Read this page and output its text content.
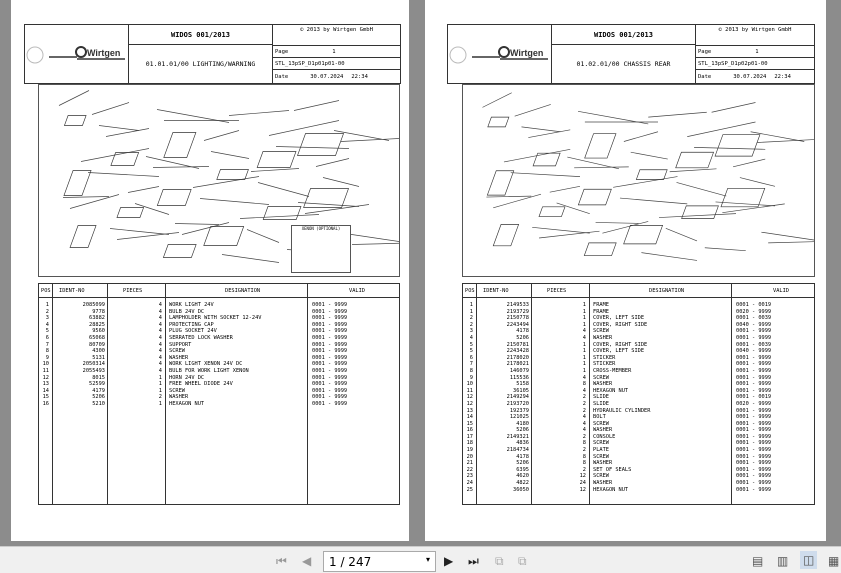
Wirtgen
WIDOS 001/2013
01.01.01/00 LIGHTING/WARNING
© 2013 by Wirtgen GmbH
Page	1
STL_13pSP_D1p01p01-00
Date	30.07.2024 22:34
XENON (OPTIONAL)
POS IDENT-NO	PIECES	DESIGNATION	VALID
1	2085099	4 WORK LIGHT 24V	0001 - 9999
2	9778	4 BULB 24V DC	0001 - 9999
3	63882	4 LAMPHOLDER WITH SOCKET 12-24V	0001 - 9999
4	28825	4 PROTECTING CAP	0001 - 9999
5	9560	4 PLUG SOCKET 24V	0001 - 9999
6	65068	4 SERRATED LOCK WASHER	0001 - 9999
7	80709	4 SUPPORT	0001 - 9999
8	4300	4 SCREW	0001 - 9999
9	5131	4 WASHER	0001 - 9999
10	2050314	4 WORK LIGHT XENON 24V DC	0001 - 9999
11	2055493	4 BULB FOR WORK LIGHT XENON	0001 - 9999
12	8015	1 HORN 24V DC	0001 - 9999
13	52599	1 FREE WHEEL DIODE 24V	0001 - 9999
14	4179	1 SCREW	0001 - 9999
15	5206	2 WASHER	0001 - 9999
16	5210	1 HEXAGON NUT	0001 - 9999
Wirtgen
WIDOS 001/2013
01.02.01/00 CHASSIS REAR
© 2013 by Wirtgen GmbH
Page	1
STL_13pSP_D1p02p01-00
Date	30.07.2024 22:34
POS IDENT-NO	PIECES	DESIGNATION	VALID
1	2149533	1 FRAME	0001 - 0019
1	2193729	1 FRAME	0020 - 9999
2	2150778	1 COVER, LEFT SIDE	0001 - 0039
2	2243494	1 COVER, RIGHT SIDE	0040 - 9999
3	4178	4 SCREW	0001 - 9999
4	5206	4 WASHER	0001 - 9999
5	2150781	1 COVER, RIGHT SIDE	0001 - 0039
5	2243428	1 COVER, LEFT SIDE	0040 - 9999
6	2178020	1 STICKER	0001 - 9999
7	2178021	1 STICKER	0001 - 9999
8	146079	1 CROSS-MEMBER	0001 - 9999
9	115536	4 SCREW	0001 - 9999
10	5158	8 WASHER	0001 - 9999
11	36105	4 HEXAGON NUT	0001 - 9999
12	2149294	2 SLIDE	0001 - 0019
12	2193720	2 SLIDE	0020 - 9999
13	192379	2 HYDRAULIC CYLINDER	0001 - 9999
14	121025	4 BOLT	0001 - 9999
15	4180	4 SCREW	0001 - 9999
16	5206	4 WASHER	0001 - 9999
17	2149321	2 CONSOLE	0001 - 9999
18	4836	8 SCREW	0001 - 9999
19	2184734	2 PLATE	0001 - 9999
20	4178	8 SCREW	0001 - 9999
21	5206	8 WASHER	0001 - 9999
22	6395	2 SET OF SEALS	0001 - 9999
23	4620	12 SCREW	0001 - 9999
24	4822	24 WASHER	0001 - 9999
25	36050	12 HEXAGON NUT	0001 - 9999
⏮ ◀	1 / 247	▾ ▶ ⏭ ⧉ ⧉	▤ ▥ ◫ ▦
